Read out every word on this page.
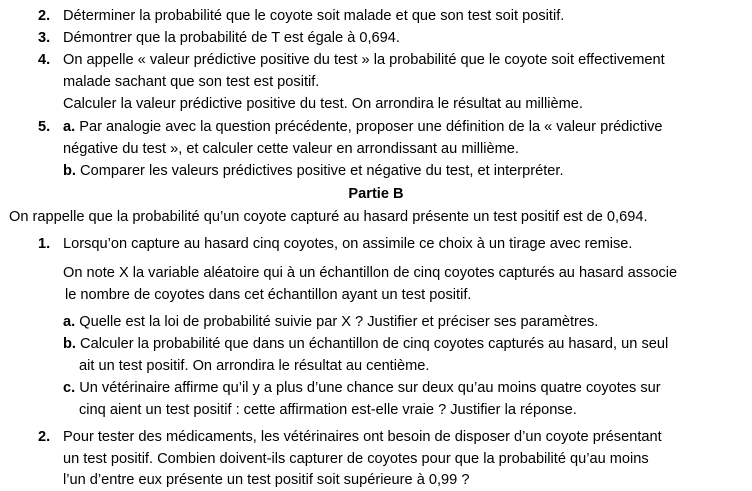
2. Déterminer la probabilité que le coyote soit malade et que son test soit positif.
3. Démontrer que la probabilité de T est égale à 0,694.
4. On appelle « valeur prédictive positive du test » la probabilité que le coyote soit effectivement
malade sachant que son test est positif.
Calculer la valeur prédictive positive du test. On arrondira le résultat au millième.
5. a. Par analogie avec la question précédente, proposer une définition de la « valeur prédictive
négative du test », et calculer cette valeur en arrondissant au millième.
b. Comparer les valeurs prédictives positive et négative du test, et interpréter.
Partie B
On rappelle que la probabilité qu’un coyote capturé au hasard présente un test positif est de 0,694.
1. Lorsqu’on capture au hasard cinq coyotes, on assimile ce choix à un tirage avec remise.
On note X la variable aléatoire qui à un échantillon de cinq coyotes capturés au hasard associe
le nombre de coyotes dans cet échantillon ayant un test positif.
a. Quelle est la loi de probabilité suivie par X ? Justifier et préciser ses paramètres.
b. Calculer la probabilité que dans un échantillon de cinq coyotes capturés au hasard, un seul
ait un test positif. On arrondira le résultat au centième.
c. Un vétérinaire affirme qu’il y a plus d’une chance sur deux qu’au moins quatre coyotes sur
cinq aient un test positif : cette affirmation est-elle vraie ? Justifier la réponse.
2. Pour tester des médicaments, les vétérinaires ont besoin de disposer d’un coyote présentant
un test positif. Combien doivent-ils capturer de coyotes pour que la probabilité qu’au moins
l’un d’entre eux présente un test positif soit supérieure à 0,99 ?
